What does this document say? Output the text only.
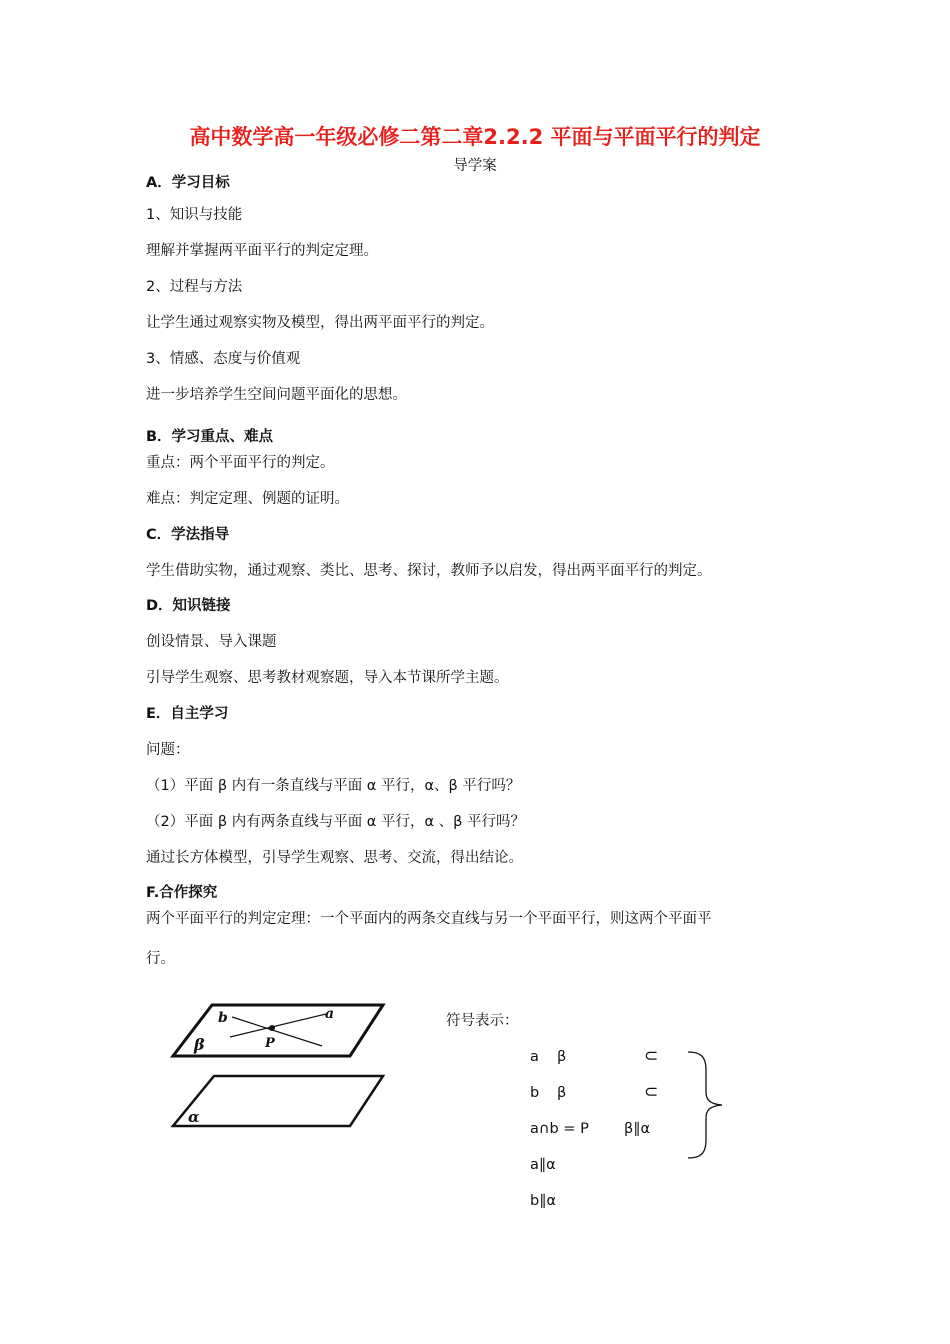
高中数学高一年级必修二第二章2.2.2 平面与平面平行的判定
导学案
A．学习目标
1、知识与技能
理解并掌握两平面平行的判定定理。
2、过程与方法
让学生通过观察实物及模型，得出两平面平行的判定。
3、情感、态度与价值观
进一步培养学生空间问题平面化的思想。
B．学习重点、难点
重点：两个平面平行的判定。
难点：判定定理、例题的证明。
C．学法指导
学生借助实物，通过观察、类比、思考、探讨，教师予以启发，得出两平面平行的判定。
D．知识链接
创设情景、导入课题
引导学生观察、思考教材观察题，导入本节课所学主题。
E．自主学习
问题：
（1）平面 β 内有一条直线与平面 α 平行，α、β 平行吗？
（2）平面 β 内有两条直线与平面 α 平行，α 、β 平行吗？
通过长方体模型，引导学生观察、思考、交流，得出结论。
F.合作探究
两个平面平行的判定定理：一个平面内的两条交直线与另一个平面平行，则这两个平面平
行。
b	a
P
β
α
符号表示：
a β	⊂
b β	⊂
a∩b = P β∥α
a∥α
b∥α
